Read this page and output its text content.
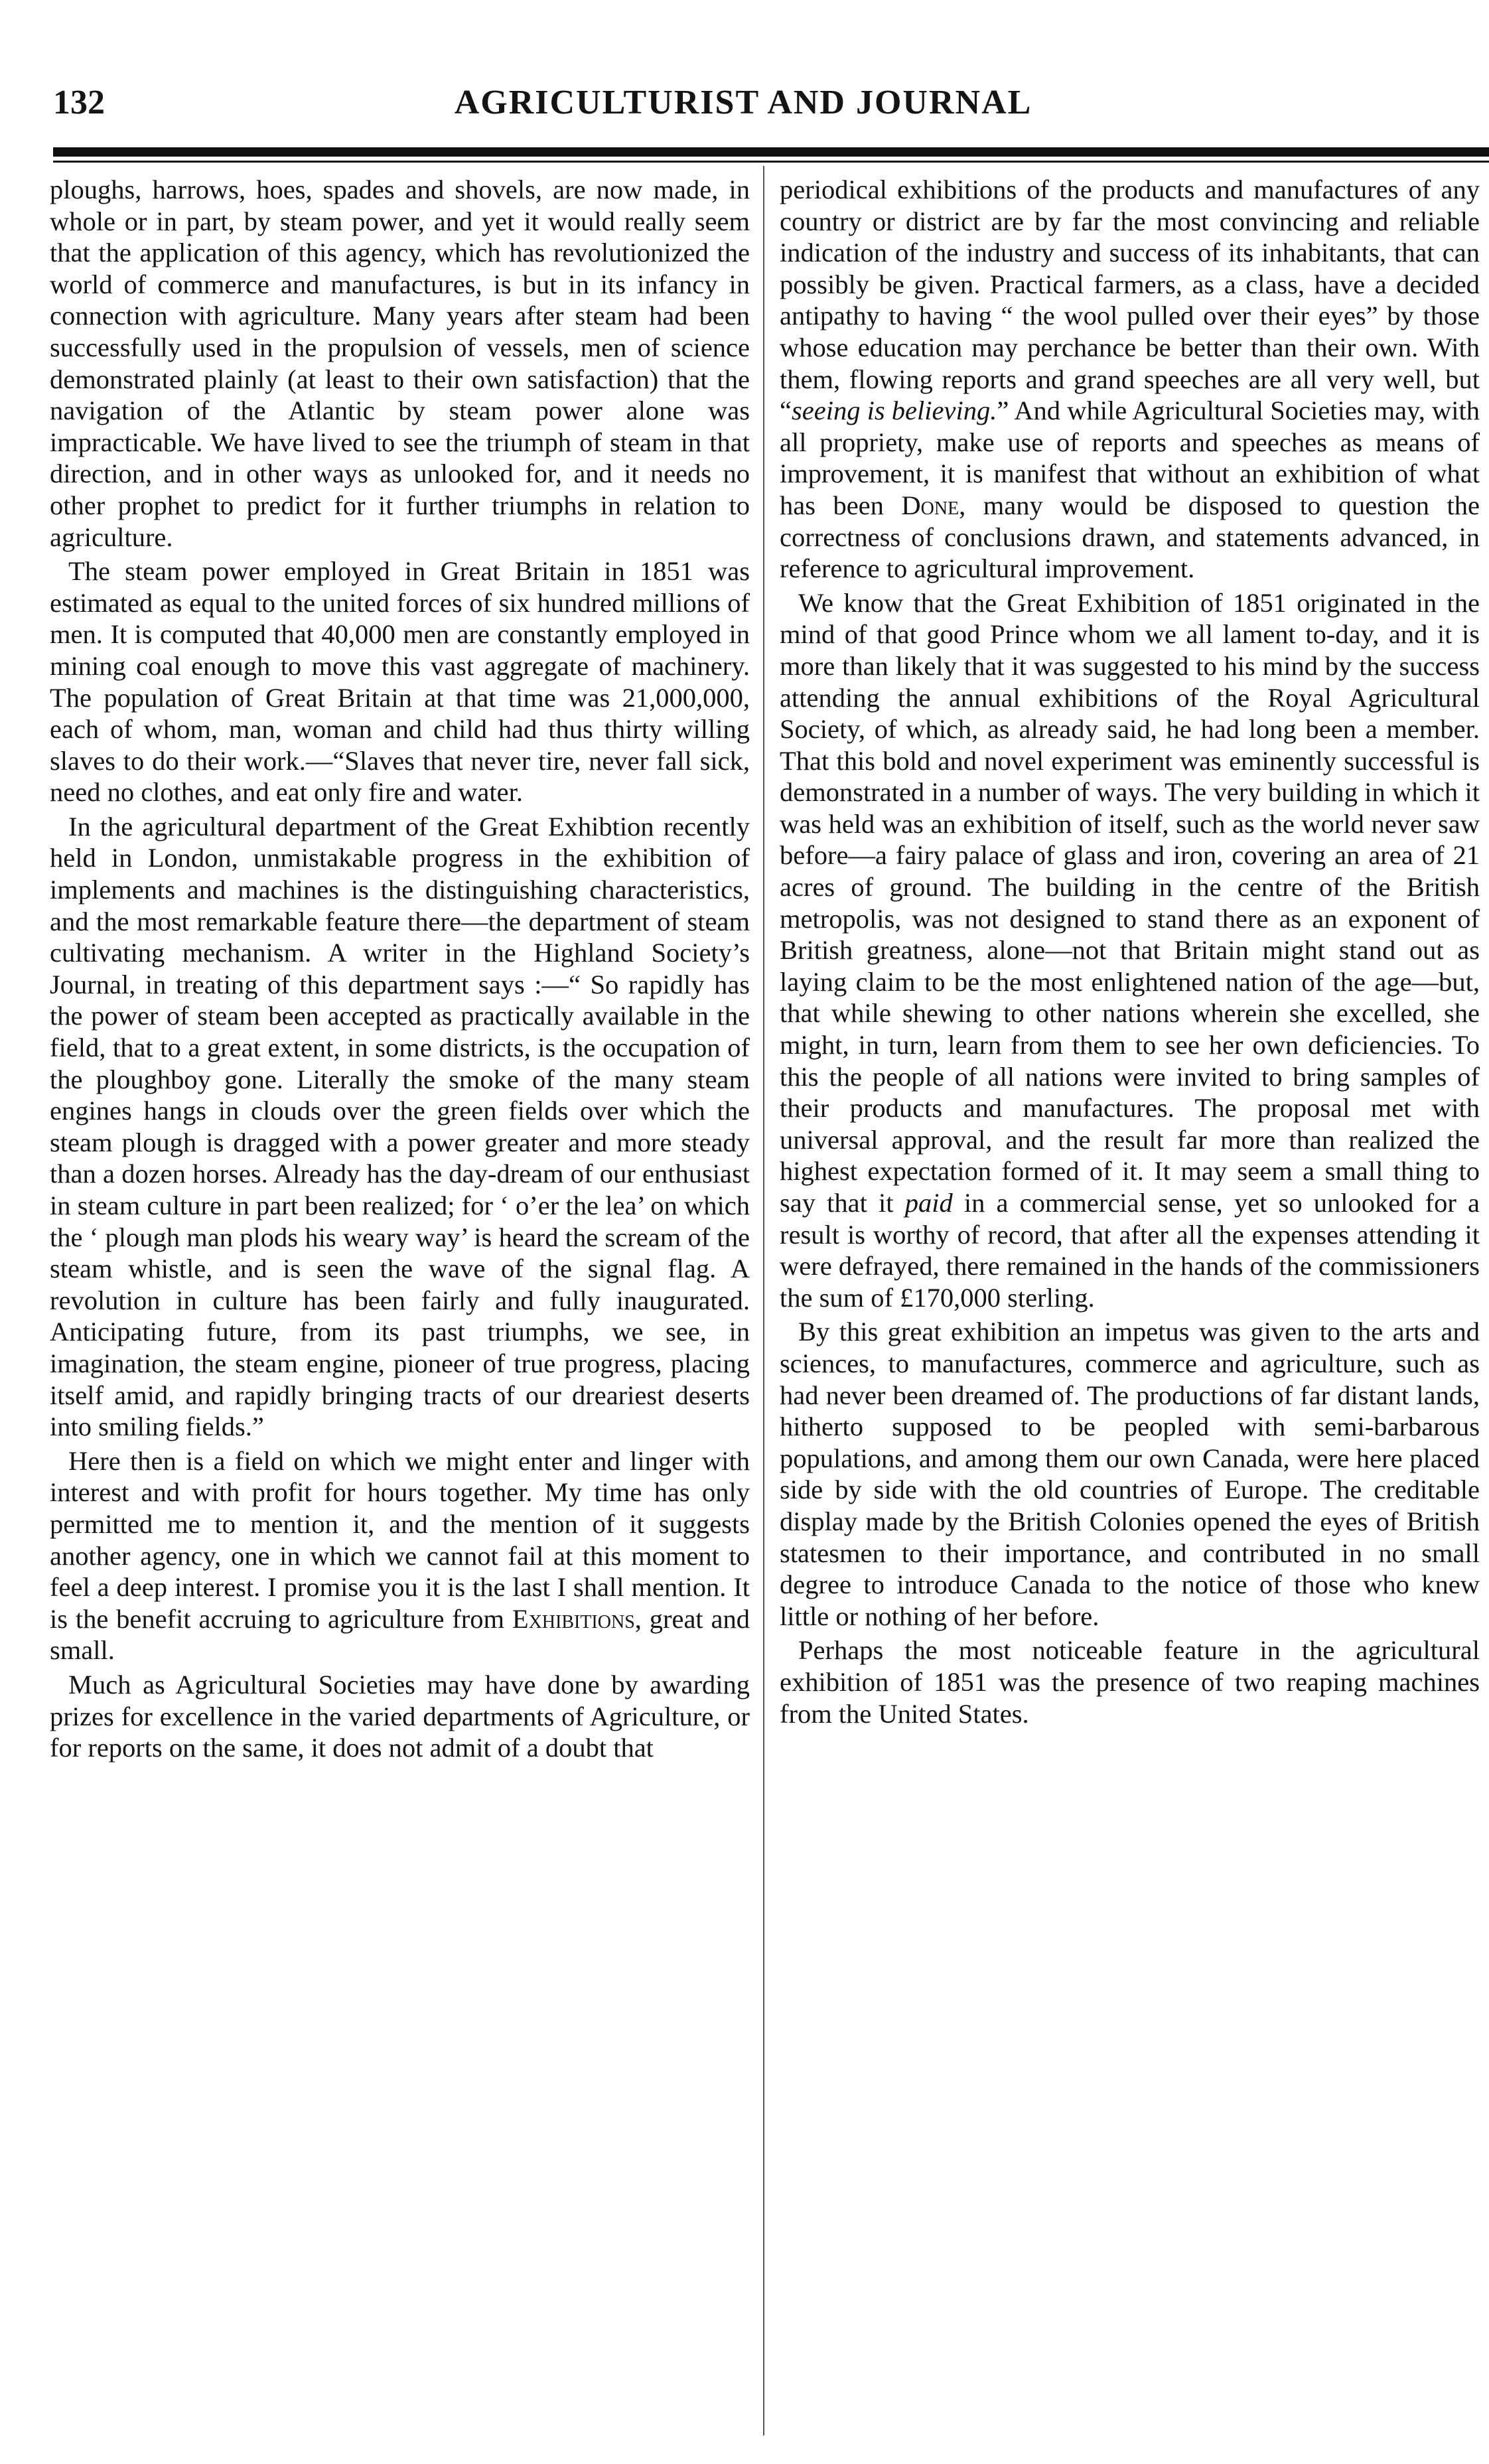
132	AGRICULTURIST AND JOURNAL

ploughs, harrows, hoes, spades and shovels, are now made, in whole or in part, by steam power, and yet it would really seem that the application of this agency, which has revolutionized the world of commerce and manufactures, is but in its infancy in connection with agriculture. Many years after steam had been successfully used in the propulsion of vessels, men of science demonstrated plainly (at least to their own satisfaction) that the navigation of the Atlantic by steam power alone was impracticable. We have lived to see the triumph of steam in that direction, and in other ways as unlooked for, and it needs no other prophet to predict for it further triumphs in relation to agriculture.

The steam power employed in Great Britain in 1851 was estimated as equal to the united forces of six hundred millions of men. It is computed that 40,000 men are constantly employed in mining coal enough to move this vast aggregate of machinery. The population of Great Britain at that time was 21,000,000, each of whom, man, woman and child had thus thirty willing slaves to do their work.—“Slaves that never tire, never fall sick, need no clothes, and eat only fire and water.

In the agricultural department of the Great Exhibtion recently held in London, unmistakable progress in the exhibition of implements and machines is the distinguishing characteristics, and the most remarkable feature there—the department of steam cultivating mechanism. A writer in the Highland Society’s Journal, in treating of this department says :—“ So rapidly has the power of steam been accepted as practically available in the field, that to a great extent, in some districts, is the occupation of the ploughboy gone. Literally the smoke of the many steam engines hangs in clouds over the green fields over which the steam plough is dragged with a power greater and more steady than a dozen horses. Already has the day-dream of our enthusiast in steam culture in part been realized; for ‘ o’er the lea’ on which the ‘ plough man plods his weary way’ is heard the scream of the steam whistle, and is seen the wave of the signal flag. A revolution in culture has been fairly and fully inaugurated. Anticipating future, from its past triumphs, we see, in imagination, the steam engine, pioneer of true progress, placing itself amid, and rapidly bringing tracts of our dreariest deserts into smiling fields.”

Here then is a field on which we might enter and linger with interest and with profit for hours together. My time has only permitted me to mention it, and the mention of it suggests another agency, one in which we cannot fail at this moment to feel a deep interest. I promise you it is the last I shall mention. It is the benefit accruing to agriculture from Exhibitions, great and small.

Much as Agricultural Societies may have done by awarding prizes for excellence in the varied departments of Agriculture, or for reports on the same, it does not admit of a doubt that

periodical exhibitions of the products and manufactures of any country or district are by far the most convincing and reliable indication of the industry and success of its inhabitants, that can possibly be given. Practical farmers, as a class, have a decided antipathy to having “ the wool pulled over their eyes” by those whose education may perchance be better than their own. With them, flowing reports and grand speeches are all very well, but “seeing is believing.” And while Agricultural Societies may, with all propriety, make use of reports and speeches as means of improvement, it is manifest that without an exhibition of what has been Done, many would be disposed to question the correctness of conclusions drawn, and statements advanced, in reference to agricultural improvement.

We know that the Great Exhibition of 1851 originated in the mind of that good Prince whom we all lament to-day, and it is more than likely that it was suggested to his mind by the success attending the annual exhibitions of the Royal Agricultural Society, of which, as already said, he had long been a member. That this bold and novel experiment was eminently successful is demonstrated in a number of ways. The very building in which it was held was an exhibition of itself, such as the world never saw before—a fairy palace of glass and iron, covering an area of 21 acres of ground. The building in the centre of the British metropolis, was not designed to stand there as an exponent of British greatness, alone—not that Britain might stand out as laying claim to be the most enlightened nation of the age—but, that while shewing to other nations wherein she excelled, she might, in turn, learn from them to see her own deficiencies. To this the people of all nations were invited to bring samples of their products and manufactures. The proposal met with universal approval, and the result far more than realized the highest expectation formed of it. It may seem a small thing to say that it paid in a commercial sense, yet so unlooked for a result is worthy of record, that after all the expenses attending it were defrayed, there remained in the hands of the commissioners the sum of £170,000 sterling.

By this great exhibition an impetus was given to the arts and sciences, to manufactures, commerce and agriculture, such as had never been dreamed of. The productions of far distant lands, hitherto supposed to be peopled with semi-barbarous populations, and among them our own Canada, were here placed side by side with the old countries of Europe. The creditable display made by the British Colonies opened the eyes of British statesmen to their importance, and contributed in no small degree to introduce Canada to the notice of those who knew little or nothing of her before.

Perhaps the most noticeable feature in the agricultural exhibition of 1851 was the presence of two reaping machines from the United States.
